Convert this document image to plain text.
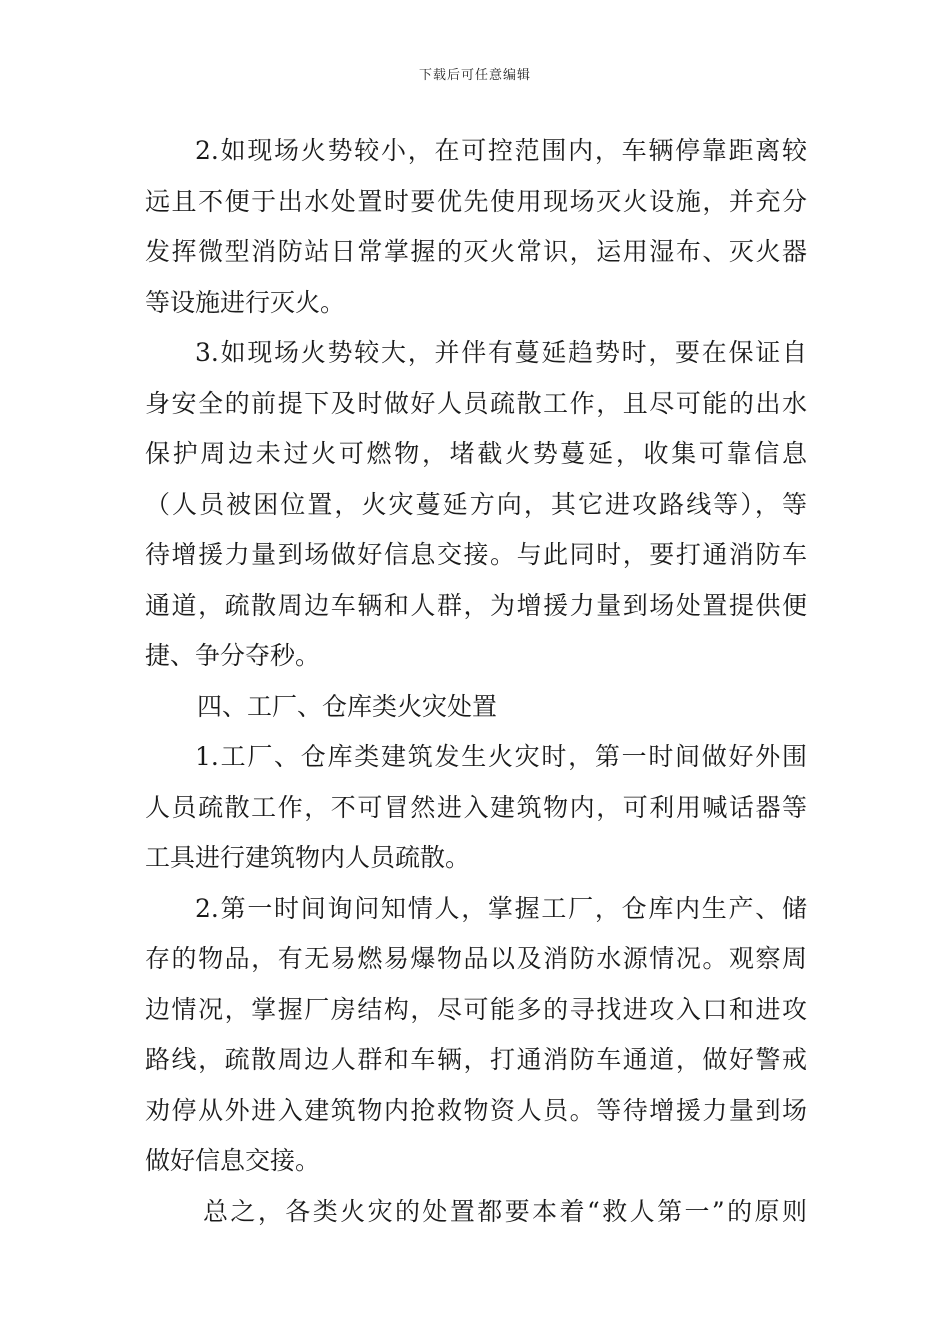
下载后可任意编辑
2.如现场火势较小，在可控范围内，车辆停靠距离较
远且不便于出水处置时要优先使用现场灭火设施，并充分
发挥微型消防站日常掌握的灭火常识，运用湿布、灭火器
等设施进行灭火。
3.如现场火势较大，并伴有蔓延趋势时，要在保证自
身安全的前提下及时做好人员疏散工作，且尽可能的出水
保护周边未过火可燃物，堵截火势蔓延，收集可靠信息
（人员被困位置，火灾蔓延方向，其它进攻路线等），等
待增援力量到场做好信息交接。与此同时，要打通消防车
通道，疏散周边车辆和人群，为增援力量到场处置提供便
捷、争分夺秒。
四、工厂、仓库类火灾处置
1.工厂、仓库类建筑发生火灾时，第一时间做好外围
人员疏散工作，不可冒然进入建筑物内，可利用喊话器等
工具进行建筑物内人员疏散。
2.第一时间询问知情人，掌握工厂，仓库内生产、储
存的物品，有无易燃易爆物品以及消防水源情况。观察周
边情况，掌握厂房结构，尽可能多的寻找进攻入口和进攻
路线，疏散周边人群和车辆，打通消防车通道，做好警戒
劝停从外进入建筑物内抢救物资人员。等待增援力量到场
做好信息交接。
总之，各类火灾的处置都要本着“救人第一”的原则
